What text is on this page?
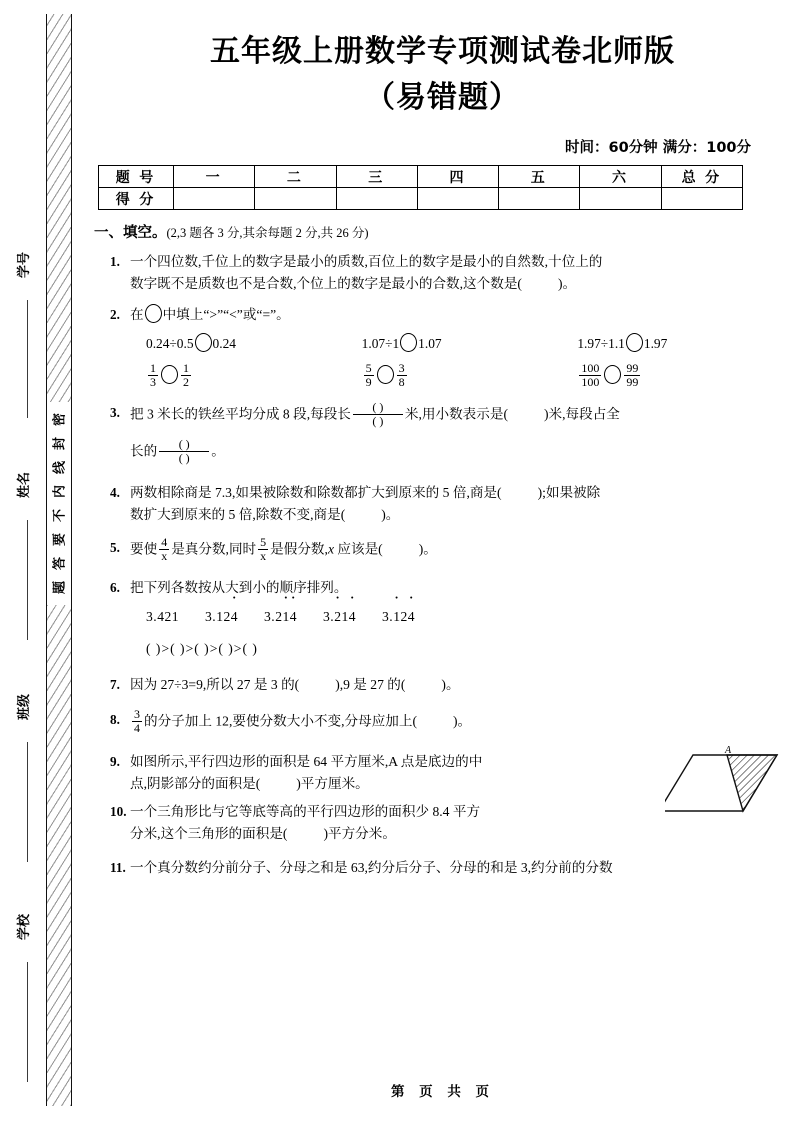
密
封
线
内
不
要
答
题
学号
姓名
班级
学校
五年级上册数学专项测试卷北师版
（易错题）
时间：60分钟 满分：100分
题 号	一	二	三	四	五	六	总 分
得 分							
一、填空。(2,3 题各 3 分,其余每题 2 分,共 26 分)
1. 一个四位数,千位上的数字是最小的质数,百位上的数字是最小的自然数,十位上的
数字既不是质数也不是合数,个位上的数字是最小的合数,这个数是(	)。
2. 在 中填上“>”“<”或“=”。
0.24÷0.5 0.24	1.07÷1 1.07	1.97÷1.1 1.97
$\frac{1}{3} \frac{1}{2}$	$\frac{5}{9} \frac{3}{8}$	$\frac{100}{100} \frac{99}{99}$
3. 把 3 米长的铁丝平均分成 8 段,每段长 $\frac{( )}{( )}$ 米,用小数表示是(	)米,每段占全
长的 $\frac{( )}{( )}$ 。
4. 两数相除商是 7.3,如果被除数和除数都扩大到原来的 5 倍,商是(	);如果被除
数扩大到原来的 5 倍,除数不变,商是(	)。
5. 要使 $\frac{4}{x}$ 是真分数,同时 $\frac{5}{x}$ 是假分数,x 应该是(	)。
6. 把下列各数按从大到小的顺序排列。
3.421 3.124 · 3.21 ·4 · 3.2 ·14 · 3.1 ·24 ·
( )>( )>( )>( )>( )
7. 因为 27÷3=9,所以 27 是 3 的(	),9 是 27 的(	)。
8. $\frac{3}{4}$ 的分子加上 12,要使分数大小不变,分母应加上(	)。
9. 如图所示,平行四边形的面积是 64 平方厘米,A 点是底边的中
点,阴影部分的面积是(	)平方厘米。
A
10. 一个三角形比与它等底等高的平行四边形的面积少 8.4 平方
分米,这个三角形的面积是(	)平方分米。
11. 一个真分数约分前分子、分母之和是 63,约分后分子、分母的和是 3,约分前的分数
第 页 共 页
